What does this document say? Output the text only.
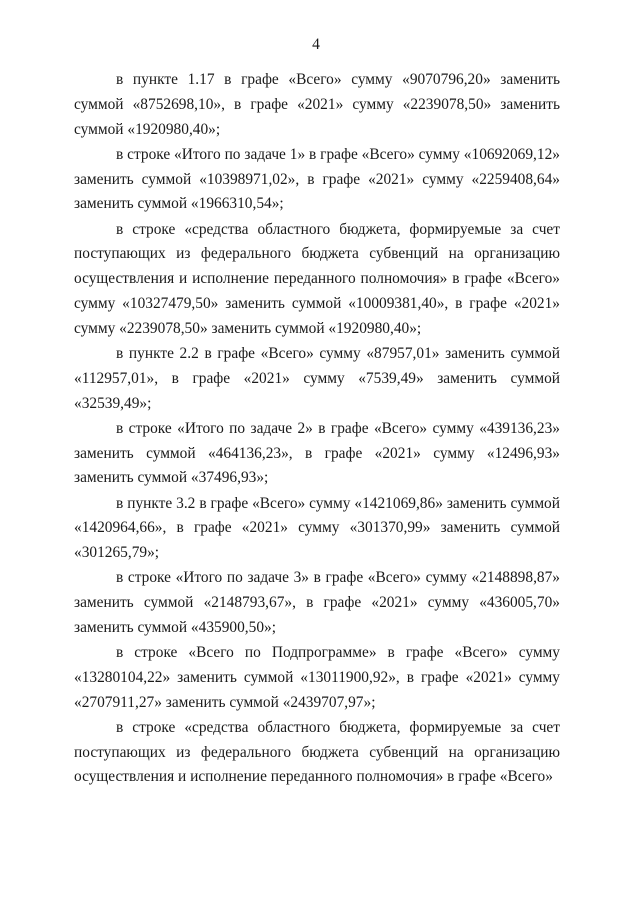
4

в пункте 1.17 в графе «Всего» сумму «9070796,20» заменить суммой «8752698,10», в графе «2021» сумму «2239078,50» заменить суммой «1920980,40»;

в строке «Итого по задаче 1» в графе «Всего» сумму «10692069,12» заменить суммой «10398971,02», в графе «2021» сумму «2259408,64» заменить суммой «1966310,54»;

в строке «средства областного бюджета, формируемые за счет поступающих из федерального бюджета субвенций на организацию осуществления и исполнение переданного полномочия» в графе «Всего» сумму «10327479,50» заменить суммой «10009381,40», в графе «2021» сумму «2239078,50» заменить суммой «1920980,40»;

в пункте 2.2 в графе «Всего» сумму «87957,01» заменить суммой «112957,01», в графе «2021» сумму «7539,49» заменить суммой «32539,49»;

в строке «Итого по задаче 2» в графе «Всего» сумму «439136,23» заменить суммой «464136,23», в графе «2021» сумму «12496,93» заменить суммой «37496,93»;

в пункте 3.2 в графе «Всего» сумму «1421069,86» заменить суммой «1420964,66», в графе «2021» сумму «301370,99» заменить суммой «301265,79»;

в строке «Итого по задаче 3» в графе «Всего» сумму «2148898,87» заменить суммой «2148793,67», в графе «2021» сумму «436005,70» заменить суммой «435900,50»;

в строке «Всего по Подпрограмме» в графе «Всего» сумму «13280104,22» заменить суммой «13011900,92», в графе «2021» сумму «2707911,27» заменить суммой «2439707,97»;

в строке «средства областного бюджета, формируемые за счет поступающих из федерального бюджета субвенций на организацию осуществления и исполнение переданного полномочия» в графе «Всего»
